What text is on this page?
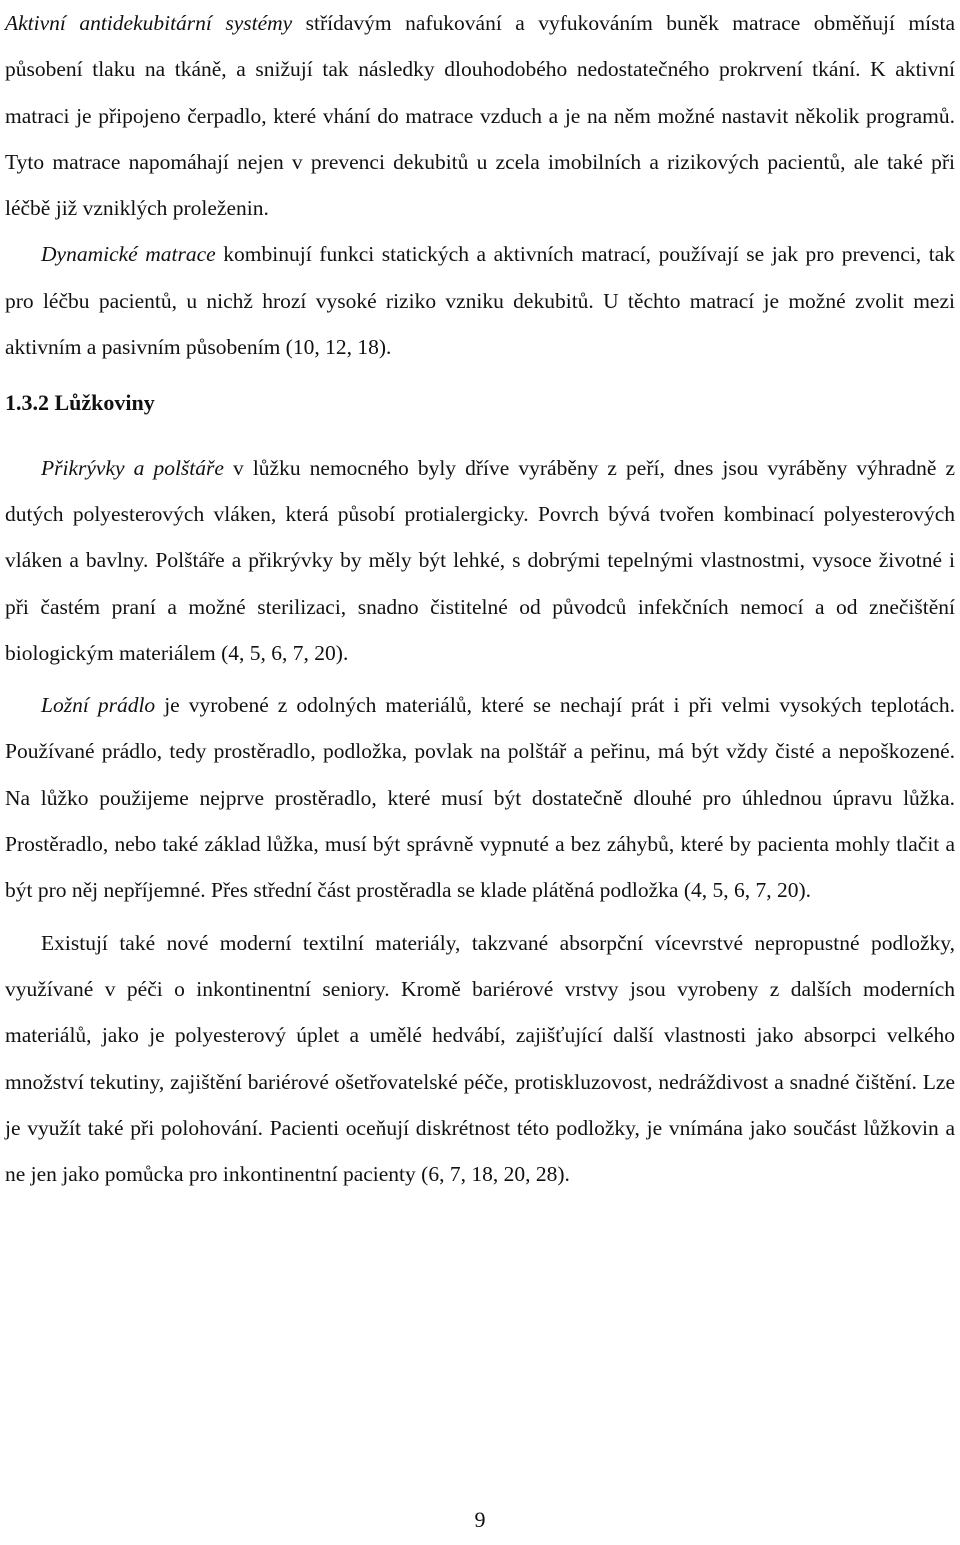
Aktivní antidekubitární systémy střídavým nafukování a vyfukováním buněk matrace obměňují místa působení tlaku na tkáně, a snižují tak následky dlouhodobého nedostatečného prokrvení tkání. K aktivní matraci je připojeno čerpadlo, které vhání do matrace vzduch a je na něm možné nastavit několik programů. Tyto matrace napomáhají nejen v prevenci dekubitů u zcela imobilních a rizikových pacientů, ale také při léčbě již vzniklých proleženin.

Dynamické matrace kombinují funkci statických a aktivních matrací, používají se jak pro prevenci, tak pro léčbu pacientů, u nichž hrozí vysoké riziko vzniku dekubitů. U těchto matrací je možné zvolit mezi aktivním a pasivním působením (10, 12, 18).

1.3.2 Lůžkoviny

Přikrývky a polštáře v lůžku nemocného byly dříve vyráběny z peří, dnes jsou vyráběny výhradně z dutých polyesterových vláken, která působí protialergicky. Povrch bývá tvořen kombinací polyesterových vláken a bavlny. Polštáře a přikrývky by měly být lehké, s dobrými tepelnými vlastnostmi, vysoce životné i při častém praní a možné sterilizaci, snadno čistitelné od původců infekčních nemocí a od znečištění biologickým materiálem (4, 5, 6, 7, 20).

Ložní prádlo je vyrobené z odolných materiálů, které se nechají prát i při velmi vysokých teplotách. Používané prádlo, tedy prostěradlo, podložka, povlak na polštář a peřinu, má být vždy čisté a nepoškozené. Na lůžko použijeme nejprve prostěradlo, které musí být dostatečně dlouhé pro úhlednou úpravu lůžka. Prostěradlo, nebo také základ lůžka, musí být správně vypnuté a bez záhybů, které by pacienta mohly tlačit a být pro něj nepříjemné. Přes střední část prostěradla se klade plátěná podložka (4, 5, 6, 7, 20).

Existují také nové moderní textilní materiály, takzvané absorpční vícevrstvé nepropustné podložky, využívané v péči o inkontinentní seniory. Kromě bariérové vrstvy jsou vyrobeny z dalších moderních materiálů, jako je polyesterový úplet a umělé hedvábí, zajišťující další vlastnosti jako absorpci velkého množství tekutiny, zajištění bariérové ošetřovatelské péče, protiskluzovost, nedráždivost a snadné čištění. Lze je využít také při polohování. Pacienti oceňují diskrétnost této podložky, je vnímána jako součást lůžkovin a ne jen jako pomůcka pro inkontinentní pacienty (6, 7, 18, 20, 28).

9
